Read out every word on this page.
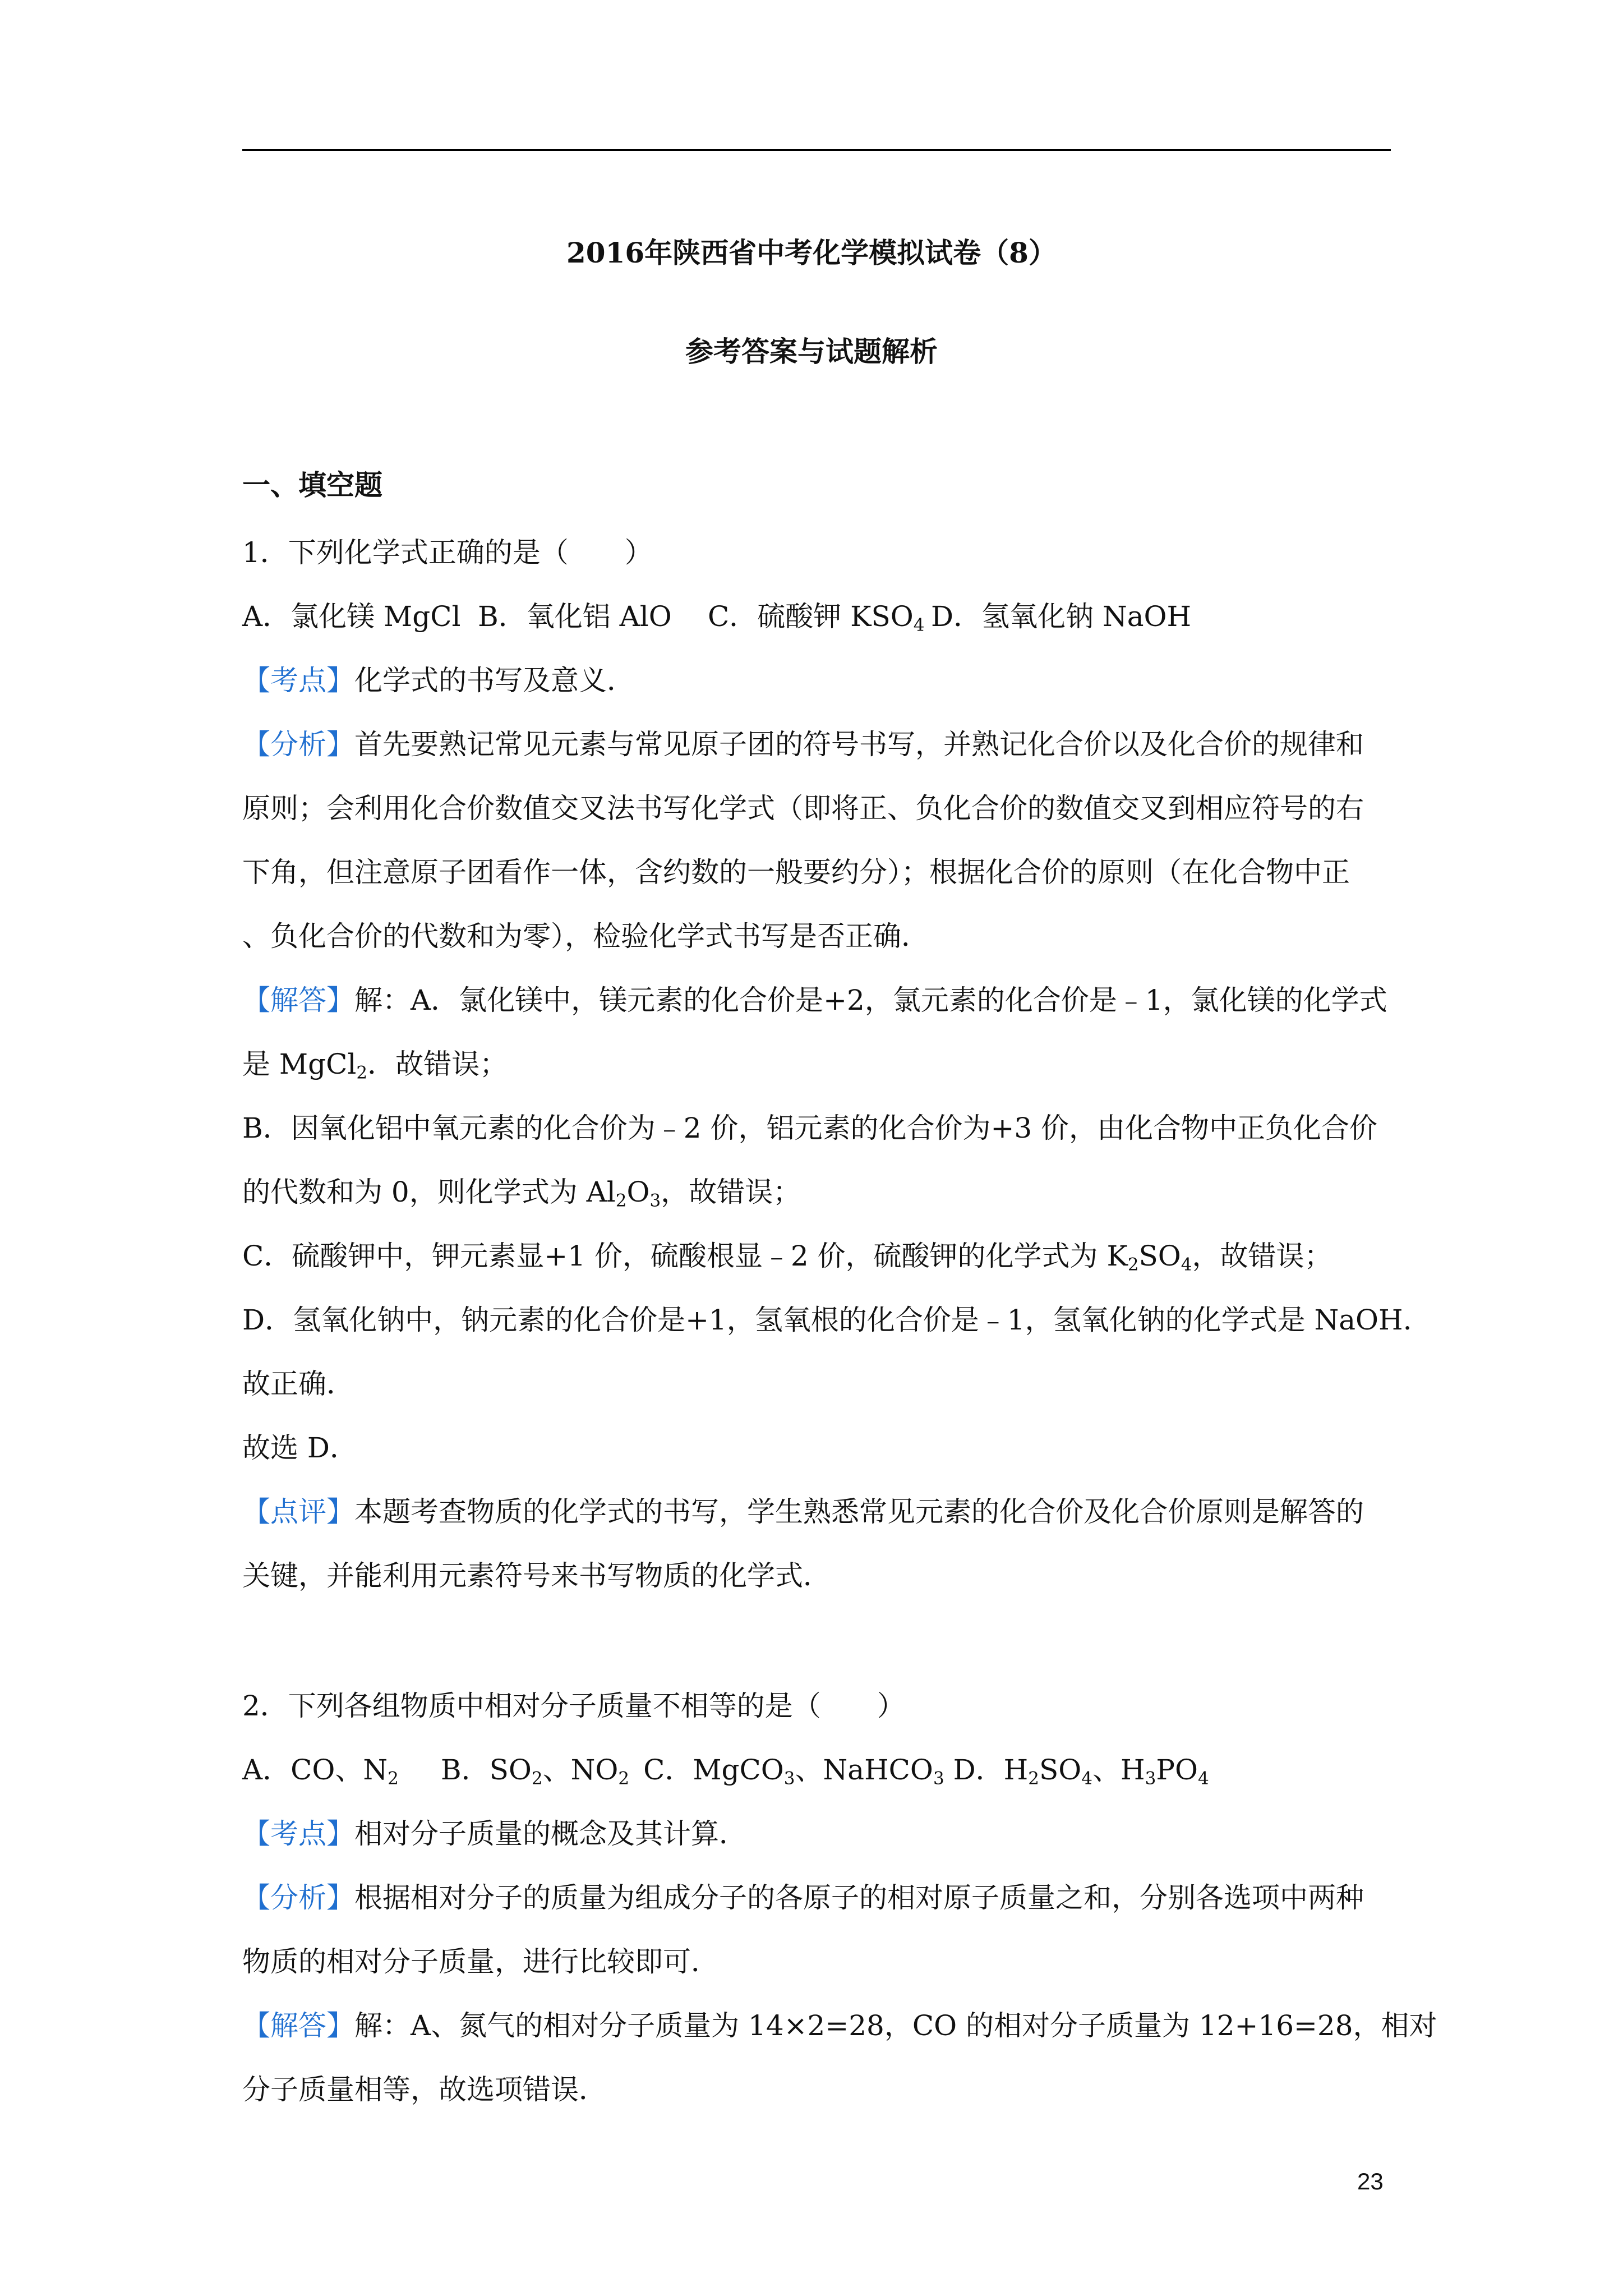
2016年陕西省中考化学模拟试卷（8）
参考答案与试题解析
一、填空题
1．下列化学式正确的是（　　）
A．氯化镁 MgCl B．氧化铝 AlO C．硫酸钾 $KSO_4$ D．氢氧化钠 NaOH
【考点】化学式的书写及意义．
【分析】首先要熟记常见元素与常见原子团的符号书写，并熟记化合价以及化合价的规律和
原则；会利用化合价数值交叉法书写化学式（即将正、负化合价的数值交叉到相应符号的右
下角，但注意原子团看作一体，含约数的一般要约分）；根据化合价的原则（在化合物中正
、负化合价的代数和为零），检验化学式书写是否正确．
【解答】解：A．氯化镁中，镁元素的化合价是+2，氯元素的化合价是﹣1，氯化镁的化学式
是 MgCl$_2$．故错误；
B．因氧化铝中氧元素的化合价为﹣2 价，铝元素的化合价为+3 价，由化合物中正负化合价
的代数和为 0，则化学式为 $Al_2O_3$，故错误；
C．硫酸钾中，钾元素显+1 价，硫酸根显﹣2 价，硫酸钾的化学式为 $K_2SO_4$，故错误；
D．氢氧化钠中，钠元素的化合价是+1，氢氧根的化合价是﹣1，氢氧化钠的化学式是 NaOH.
故正确．
故选 D．
【点评】本题考查物质的化学式的书写，学生熟悉常见元素的化合价及化合价原则是解答的
关键，并能利用元素符号来书写物质的化学式．
2．下列各组物质中相对分子质量不相等的是（　　）
A．CO、$N_2$  B．$SO_2$、$NO_2$ C．MgCO$_3$、NaHCO$_3$ D．$H_2SO_4$、$H_3PO_4$
【考点】相对分子质量的概念及其计算．
【分析】根据相对分子的质量为组成分子的各原子的相对原子质量之和，分别各选项中两种
物质的相对分子质量，进行比较即可．
【解答】解：A、氮气的相对分子质量为 14×2=28，CO 的相对分子质量为 12+16=28，相对
分子质量相等，故选项错误．
23
